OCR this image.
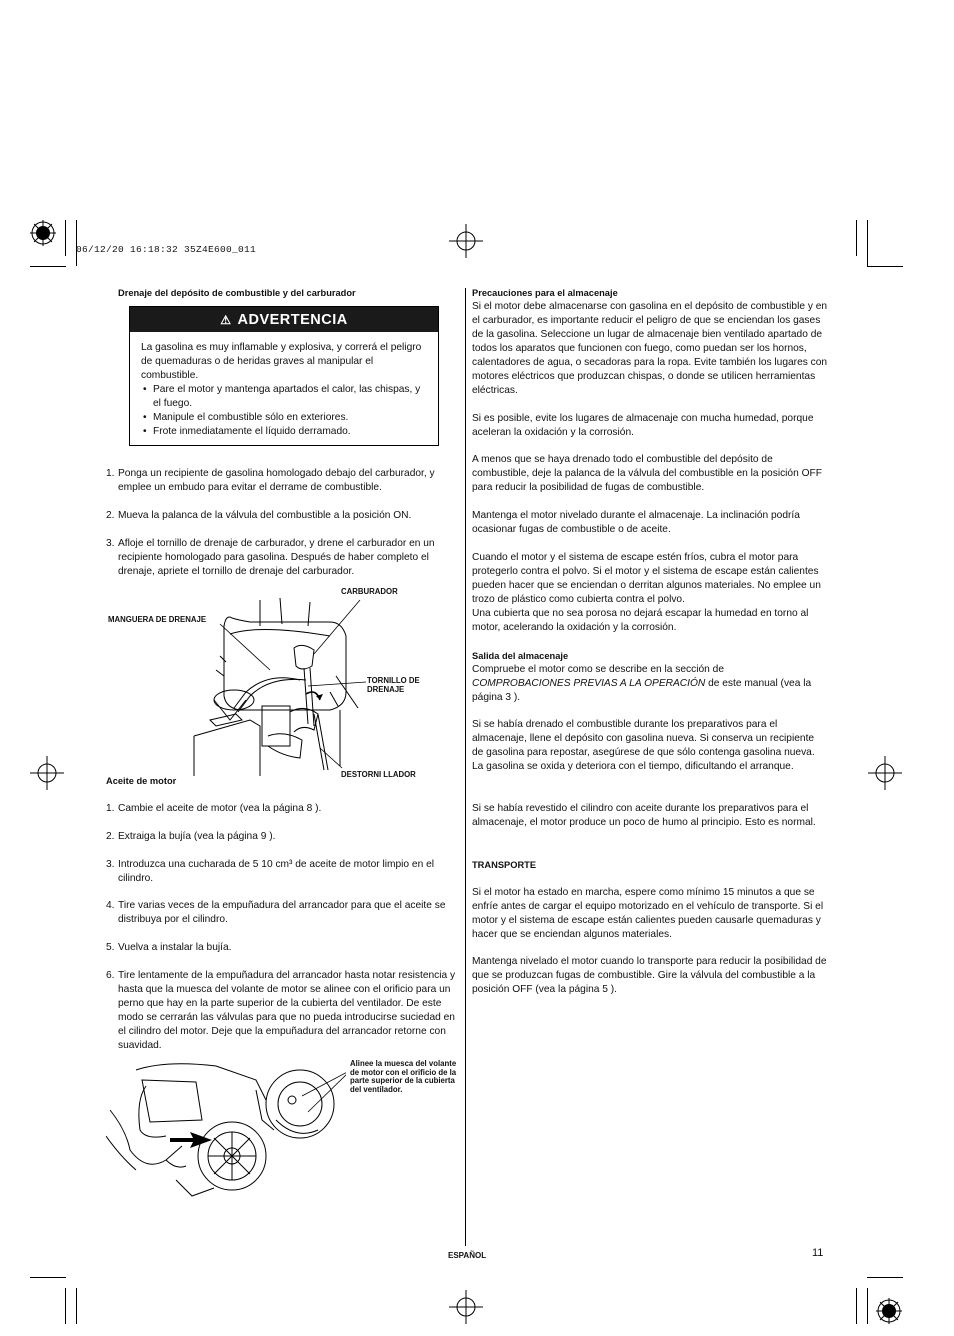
06/12/20 16:18:32 35Z4E600_011
Drenaje del depósito de combustible y del carburador
⚠ ADVERTENCIA
La gasolina es muy inflamable y explosiva, y correrá el peligro de quemaduras o de heridas graves al manipular el combustible.
• Pare el motor y mantenga apartados el calor, las chispas, y el fuego.
• Manipule el combustible sólo en exteriores.
• Frote inmediatamente el líquido derramado.
1. Ponga un recipiente de gasolina homologado debajo del carburador, y emplee un embudo para evitar el derrame de combustible.
2. Mueva la palanca de la válvula del combustible a la posición ON.
3. Afloje el tornillo de drenaje de carburador, y drene el carburador en un recipiente homologado para gasolina. Después de haber completo el drenaje, apriete el tornillo de drenaje del carburador.
CARBURADOR
MANGUERA DE DRENAJE
TORNILLO DE DRENAJE
DESTORNI LLADOR
Aceite de motor
1. Cambie el aceite de motor (vea la página 8 ).
2. Extraiga la bujía (vea la página 9 ).
3. Introduzca una cucharada de 5 10 cm³ de aceite de motor limpio en el cilindro.
4. Tire varias veces de la empuñadura del arrancador para que el aceite se distribuya por el cilindro.
5. Vuelva a instalar la bujía.
6. Tire lentamente de la empuñadura del arrancador hasta notar resistencia y hasta que la muesca del volante de motor se alinee con el orificio para un perno que hay en la parte superior de la cubierta del ventilador. De este modo se cerrarán las válvulas para que no pueda introducirse suciedad en el cilindro del motor. Deje que la empuñadura del arrancador retorne con suavidad.
Alinee la muesca del volante de motor con el orificio de la parte superior de la cubierta del ventilador.
Precauciones para el almacenaje
Si el motor debe almacenarse con gasolina en el depósito de combustible y en el carburador, es importante reducir el peligro de que se enciendan los gases de la gasolina. Seleccione un lugar de almacenaje bien ventilado apartado de todos los aparatos que funcionen con fuego, como puedan ser los hornos, calentadores de agua, o secadoras para la ropa. Evite también los lugares con motores eléctricos que produzcan chispas, o donde se utilicen herramientas eléctricas.
Si es posible, evite los lugares de almacenaje con mucha humedad, porque aceleran la oxidación y la corrosión.
A menos que se haya drenado todo el combustible del depósito de combustible, deje la palanca de la válvula del combustible en la posición OFF para reducir la posibilidad de fugas de combustible.
Mantenga el motor nivelado durante el almacenaje. La inclinación podría ocasionar fugas de combustible o de aceite.
Cuando el motor y el sistema de escape estén fríos, cubra el motor para protegerlo contra el polvo. Si el motor y el sistema de escape están calientes pueden hacer que se enciendan o derritan algunos materiales. No emplee un trozo de plástico como cubierta contra el polvo.
Una cubierta que no sea porosa no dejará escapar la humedad en torno al motor, acelerando la oxidación y la corrosión.
Salida del almacenaje
Compruebe el motor como se describe en la sección de
COMPROBACIONES PREVIAS A LA OPERACIÓN de este manual (vea la página 3 ).
Si se había drenado el combustible durante los preparativos para el almacenaje, llene el depósito con gasolina nueva. Si conserva un recipiente de gasolina para repostar, asegúrese de que sólo contenga gasolina nueva. La gasolina se oxida y deteriora con el tiempo, dificultando el arranque.
Si se había revestido el cilindro con aceite durante los preparativos para el almacenaje, el motor produce un poco de humo al principio. Esto es normal.
TRANSPORTE
Si el motor ha estado en marcha, espere como mínimo 15 minutos a que se enfríe antes de cargar el equipo motorizado en el vehículo de transporte. Si el motor y el sistema de escape están calientes pueden causarle quemaduras y hacer que se enciendan algunos materiales.
Mantenga nivelado el motor cuando lo transporte para reducir la posibilidad de que se produzcan fugas de combustible. Gire la válvula del combustible a la posición OFF (vea la página 5 ).
ESPAÑOL	11
